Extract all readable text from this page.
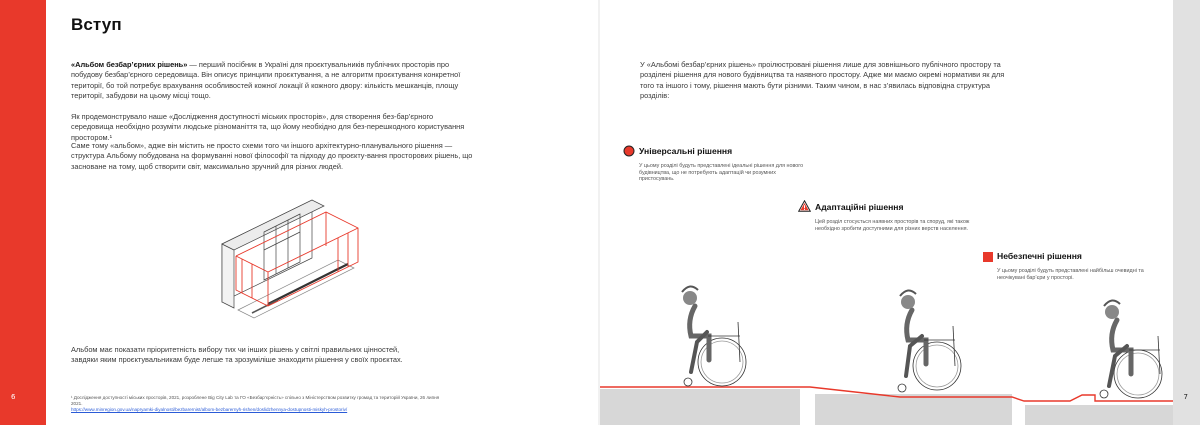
6	7
Вступ

«Альбом безбар’єрних рішень» — перший посібник в Україні для проєктувальників публічних просторів про побудову безбар’єрного середовища. Він описує принципи проєктування, а не алгоритм проєктування конкретної території, бо той потребує врахування особливостей кожної локації й кожного двору: кількість мешканців, площу території, забудови на цьому місці тощо.

Як продемонструвало наше «Дослідження доступності міських просторів», для створення без-бар’єрного середовища необхідно розуміти людське різноманіття та, що йому необхідно для без-перешкодного користування простором.¹

Саме тому «альбом», адже він містить не просто схеми того чи іншого архітектурно-планувального рішення — структура Альбому побудована на формуванні нової філософії та підходу до проєкту-вання просторових рішень, що засноване на тому, щоб створити світ, максимально зручний для різних людей.

Альбом має показати пріоритетність вибору тих чи інших рішень у світлі правильних цінностей, завдяки яким проєктувальникам буде легше та зрозуміліше знаходити рішення у своїх проєктах.

¹ Дослідження доступності міських просторів, 2021, розроблене Big City Lab та ГО «Безбар’єрність» спільно з Міністерством розвитку громад та територій України, 26 липня 2021.
https://www.minregion.gov.ua/napryamki-diyalnosti/bezbarernist/albom-bezbarernyh-rishen/doslidzhennya-dostupnosti-miskyh-prostoriv/

У «Альбомі безбар’єрних рішень» проілюстровані рішення лише для зовнішнього публічного простору та розділені рішення для нового будівництва та наявного простору. Адже ми маємо окремі нормативи як для того та іншого і тому, рішення мають бути різними. Таким чином, в нас з’явилась відповідна структура розділів:

Універсальні рішення
У цьому розділі будуть представлені ідеальні рішення для нового будівництва, що не потребують адаптацій чи розумних пристосувань.
Адаптаційні рішення
Цей розділ стосується наявних просторів та споруд, які також необхідно зробити доступними для різних верств населення.
Небезпечні рішення
У цьому розділі будуть представлені найбільш очевидні та неочікувані бар’єри у просторі.
